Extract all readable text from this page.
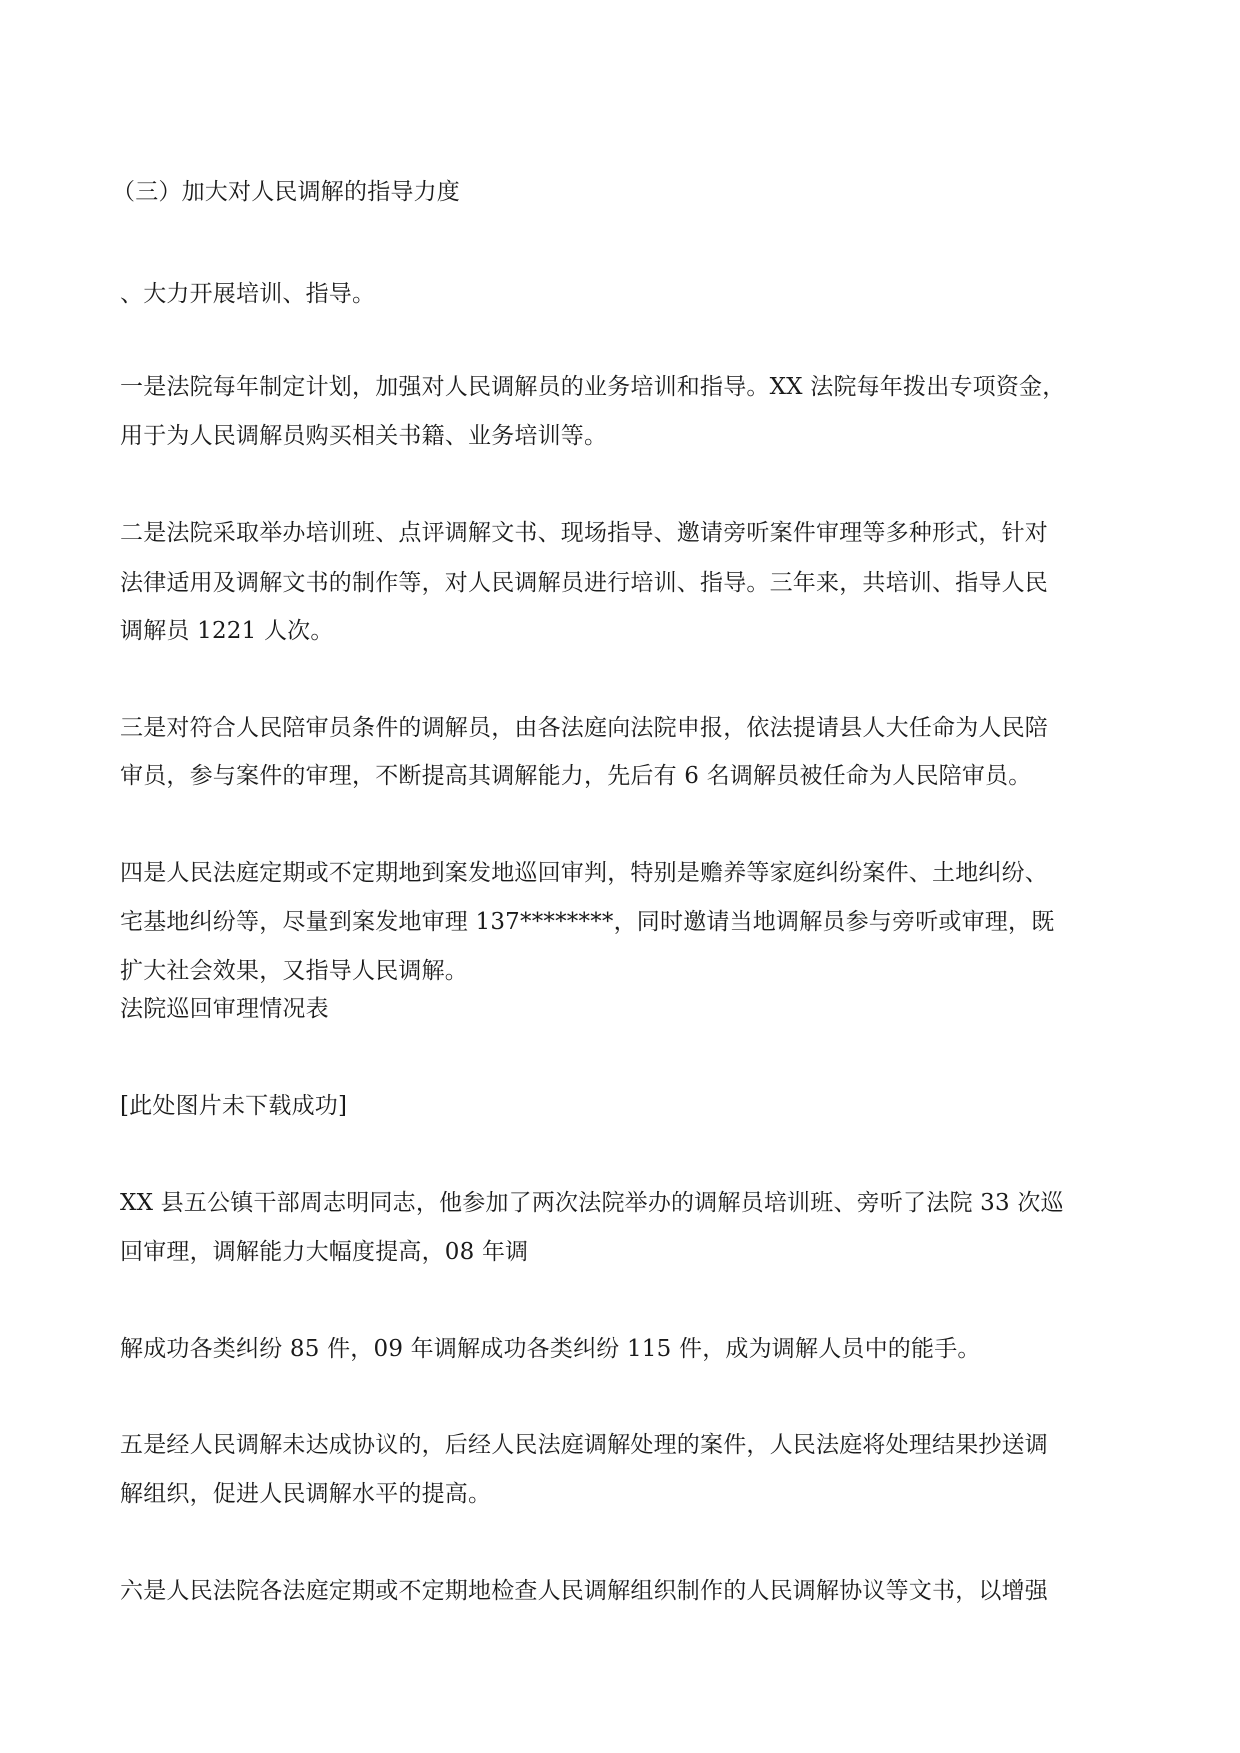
（三）加大对人民调解的指导力度
、大力开展培训、指导。
一是法院每年制定计划，加强对人民调解员的业务培训和指导。XX 法院每年拨出专项资金，
用于为人民调解员购买相关书籍、业务培训等。
二是法院采取举办培训班、点评调解文书、现场指导、邀请旁听案件审理等多种形式，针对
法律适用及调解文书的制作等，对人民调解员进行培训、指导。三年来，共培训、指导人民
调解员 1221 人次。
三是对符合人民陪审员条件的调解员，由各法庭向法院申报，依法提请县人大任命为人民陪
审员，参与案件的审理，不断提高其调解能力，先后有 6 名调解员被任命为人民陪审员。
四是人民法庭定期或不定期地到案发地巡回审判，特别是赡养等家庭纠纷案件、土地纠纷、
宅基地纠纷等，尽量到案发地审理 137********，同时邀请当地调解员参与旁听或审理，既
扩大社会效果，又指导人民调解。
法院巡回审理情况表
[此处图片未下载成功]
XX 县五公镇干部周志明同志，他参加了两次法院举办的调解员培训班、旁听了法院 33 次巡
回审理，调解能力大幅度提高，08 年调
解成功各类纠纷 85 件，09 年调解成功各类纠纷 115 件，成为调解人员中的能手。
五是经人民调解未达成协议的，后经人民法庭调解处理的案件，人民法庭将处理结果抄送调
解组织，促进人民调解水平的提高。
六是人民法院各法庭定期或不定期地检查人民调解组织制作的人民调解协议等文书，以增强
